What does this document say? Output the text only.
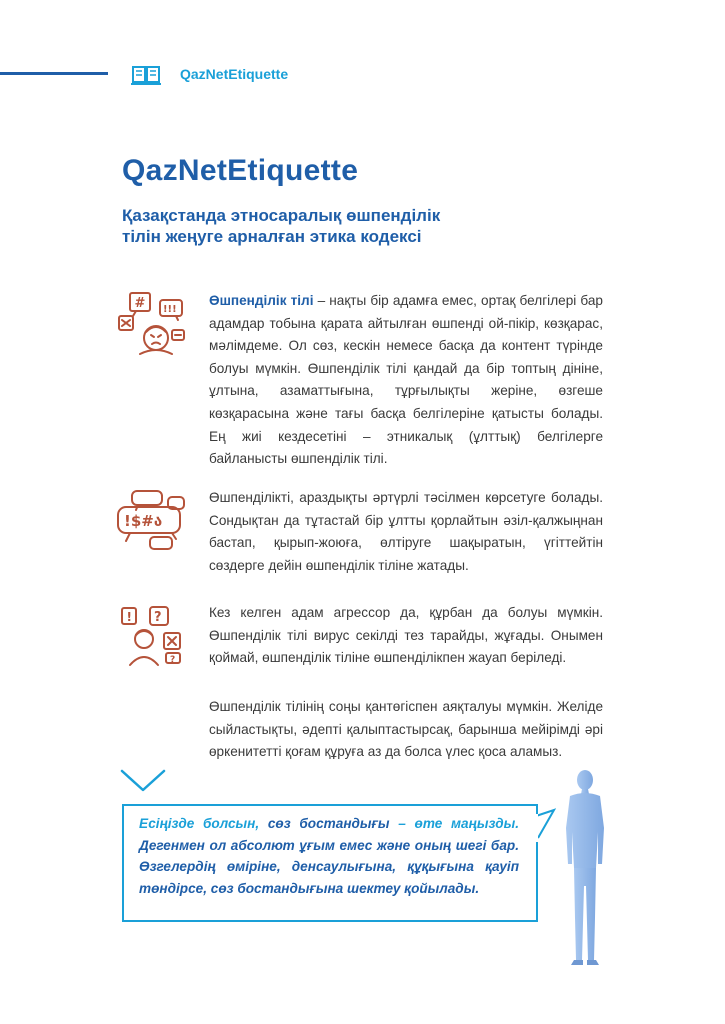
QazNetEtiquette
QazNetEtiquette
Қазақстанда этносаралық өшпенділік
тілін жеңуге арналған этика кодексі
# !!!
!$#ა
! ?
?

Өшпенділік тілі – нақты бір адамға емес, ортақ белгілері бар адамдар тобына қарата айтылған өшпенді ой-пікір, көзқарас, мәлімдеме. Ол сөз, кескін немесе басқа да контент түрінде болуы мүмкін. Өшпенділік тілі қандай да бір топтың дініне, ұлтына, азаматтығына, тұрғылықты жеріне, өзгеше көзқарасына және тағы басқа белгілеріне қатысты болады. Ең жиі кездесетіні – этникалық (ұлттық) белгілерге байланысты өшпенділік тілі.

Өшпенділікті, араздықты әртүрлі тәсілмен көрсетуге болады. Сондықтан да тұтастай бір ұлтты қорлайтын әзіл-қалжыңнан бастап, қырып-жоюға, өлтіруге шақыратын, үгіттейтін сөздерге дейін өшпенділік тіліне жатады.

Кез келген адам агрессор да, құрбан да болуы мүмкін. Өшпенділік тілі вирус секілді тез тарайды, жұғады. Онымен қоймай, өшпенділік тіліне өшпенділікпен жауап беріледі.

Өшпенділік тілінің соңы қантөгіспен аяқталуы мүмкін. Желіде сыйластықты, әдепті қалыптастырсақ, барынша мейірімді әрі өркенитетті қоғам құруға аз да болса үлес қоса аламыз.

Есіңізде болсын, сөз бостандығы – өте маңызды. Дегенмен ол абсолют ұғым емес және оның шегі бар. Өзгелердің өміріне, денсаулығына, құқығына қауіп төндірсе, сөз бостандығына шектеу қойылады.
